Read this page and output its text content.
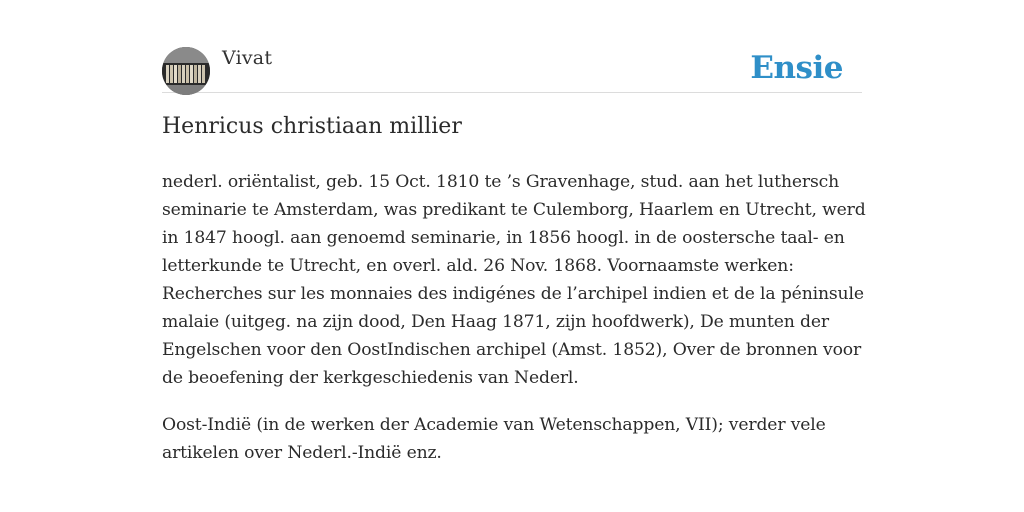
Vivat	Ensie
Henricus christiaan millier
nederl. oriëntalist, geb. 15 Oct. 1810 te ’s Gravenhage, stud. aan het luthersch
seminarie te Amsterdam, was predikant te Culemborg, Haarlem en Utrecht, werd
in 1847 hoogl. aan genoemd seminarie, in 1856 hoogl. in de oostersche taal- en
letterkunde te Utrecht, en overl. ald. 26 Nov. 1868. Voornaamste werken:
Recherches sur les monnaies des indigénes de l’archipel indien et de la péninsule
malaie (uitgeg. na zijn dood, Den Haag 1871, zijn hoofdwerk), De munten der
Engelschen voor den OostIndischen archipel (Amst. 1852), Over de bronnen voor
de beoefening der kerkgeschiedenis van Nederl.
Oost-Indië (in de werken der Academie van Wetenschappen, VII); verder vele
artikelen over Nederl.-Indië enz.
